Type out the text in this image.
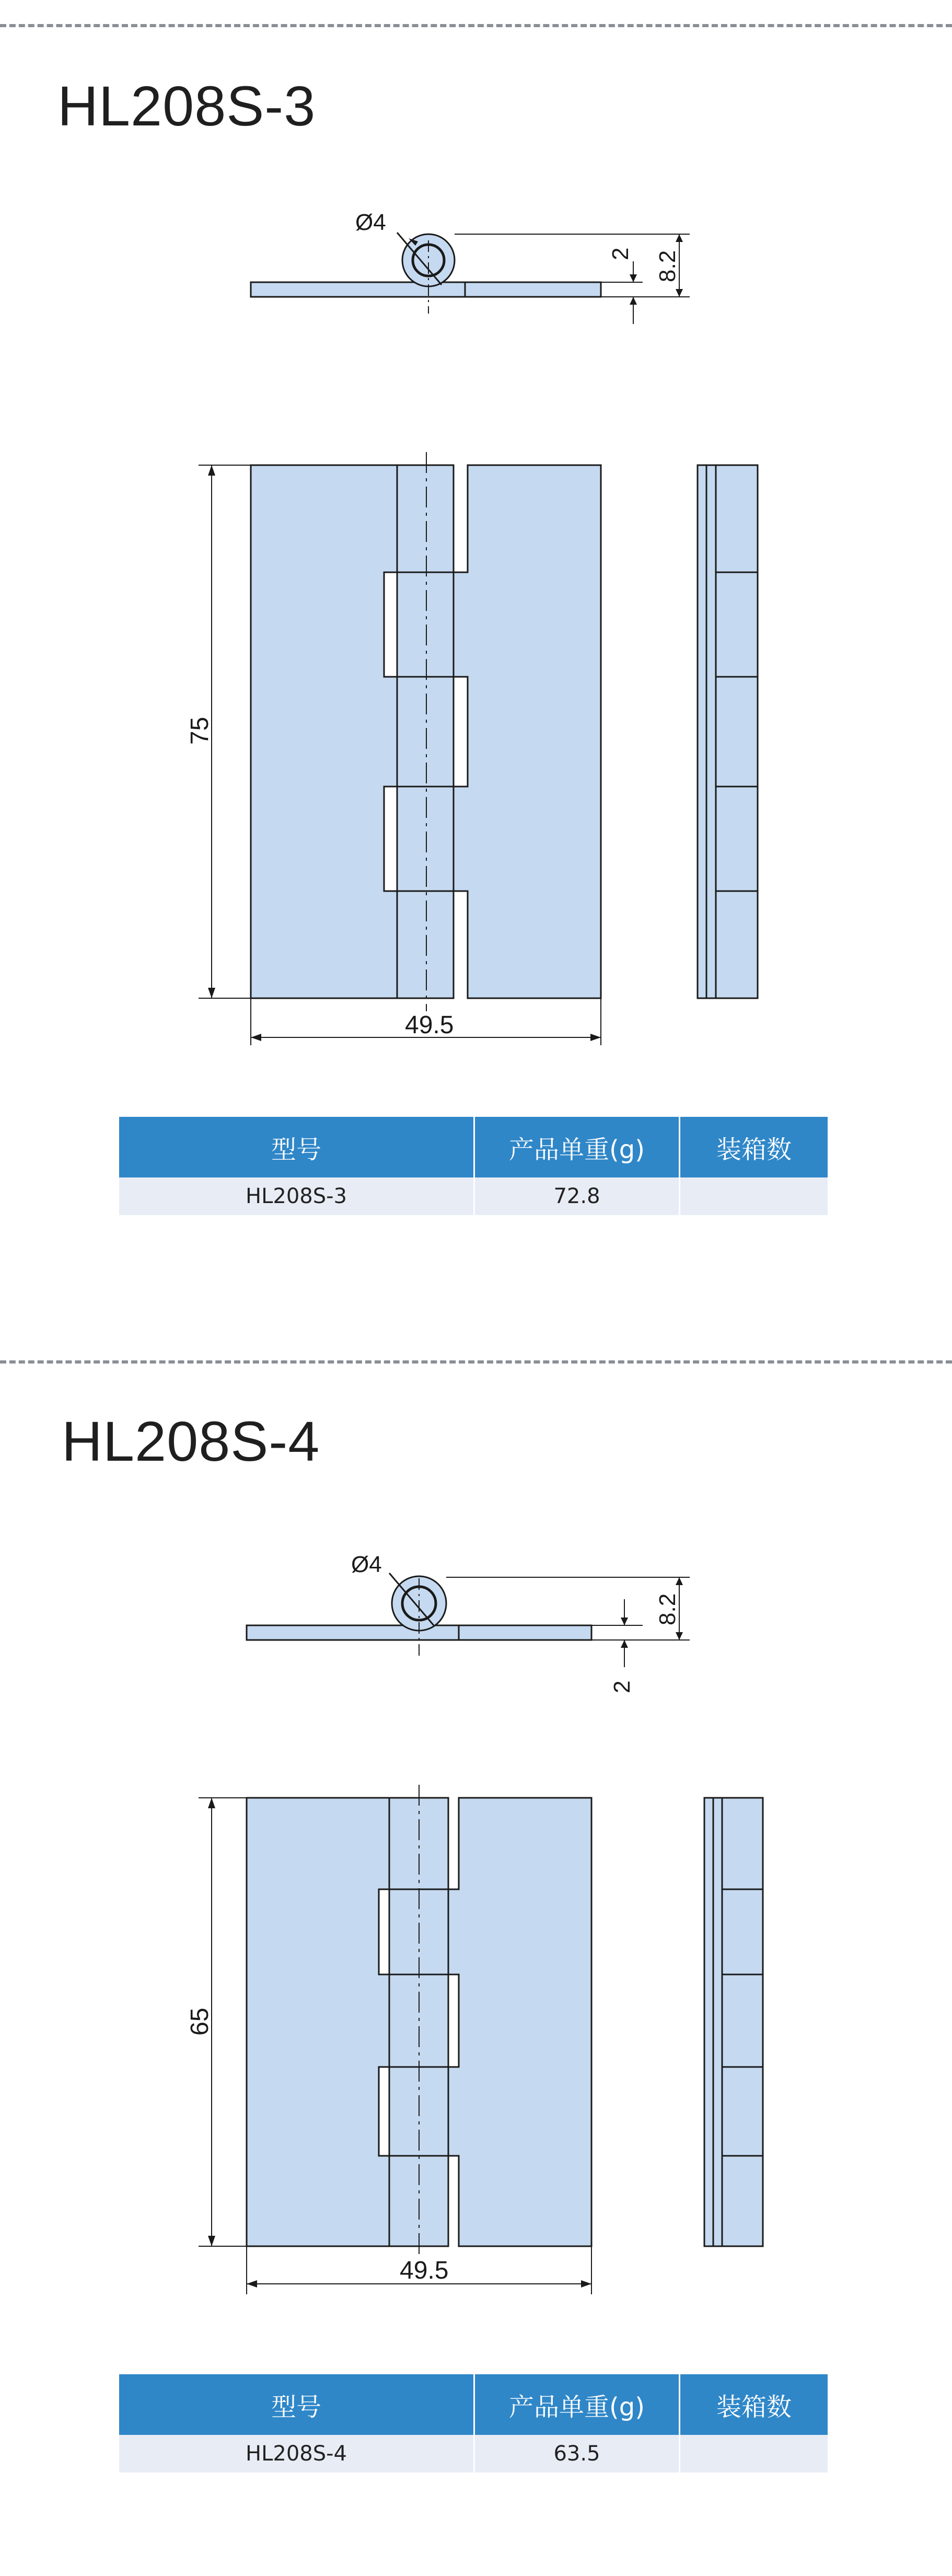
HL208S-3
Ø4
2 8.2
75
49.5
型号	产品单重(g)	装箱数
HL208S-3	72.8	
HL208S-4
Ø4
8.2
2
65
49.5
型号	产品单重(g)	装箱数
HL208S-4	63.5	
